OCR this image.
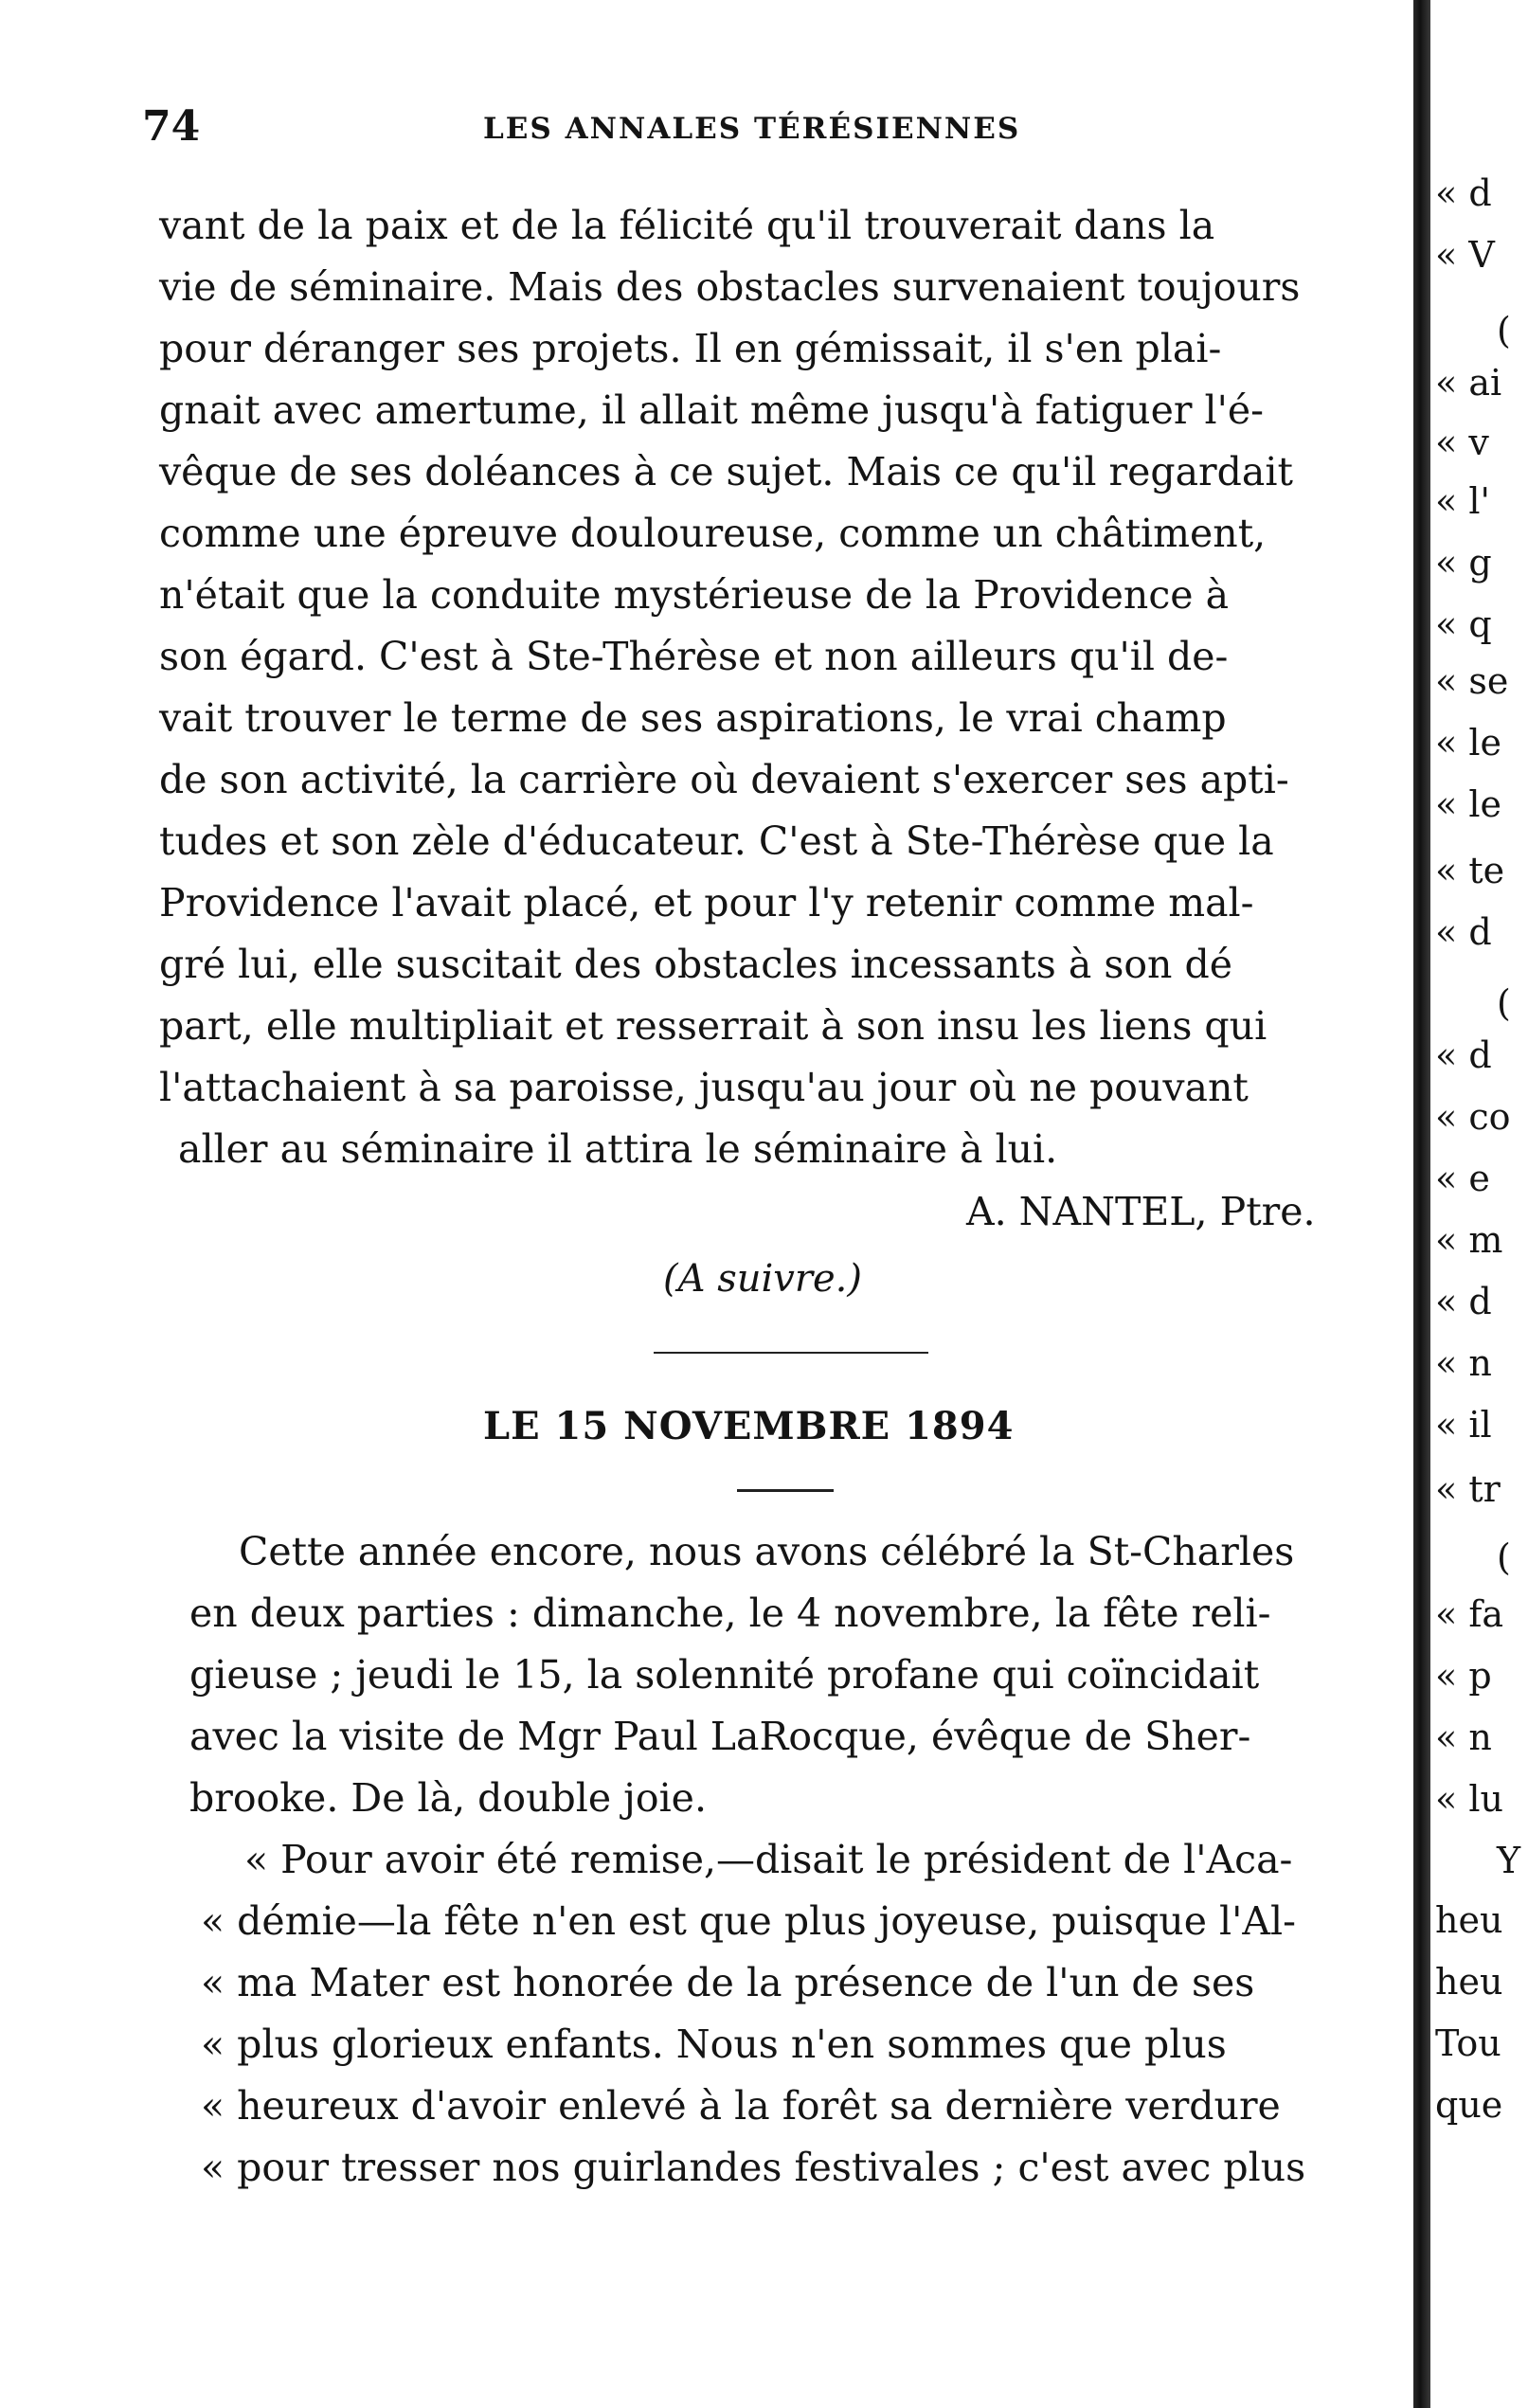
74	LES ANNALES TÉRÉSIENNES
vant de la paix et de la félicité qu'il trouverait dans la
vie de séminaire. Mais des obstacles survenaient toujours
pour déranger ses projets. Il en gémissait, il s'en plai-
gnait avec amertume, il allait même jusqu'à fatiguer l'é-
vêque de ses doléances à ce sujet. Mais ce qu'il regardait
comme une épreuve douloureuse, comme un châtiment,
n'était que la conduite mystérieuse de la Providence à
son égard. C'est à Ste-Thérèse et non ailleurs qu'il de-
vait trouver le terme de ses aspirations, le vrai champ
de son activité, la carrière où devaient s'exercer ses apti-
tudes et son zèle d'éducateur. C'est à Ste-Thérèse que la
Providence l'avait placé, et pour l'y retenir comme mal-
gré lui, elle suscitait des obstacles incessants à son dé
part, elle multipliait et resserrait à son insu les liens qui
l'attachaient à sa paroisse, jusqu'au jour où ne pouvant
aller au séminaire il attira le séminaire à lui.
A. NANTEL, Ptre.
(A suivre.)
LE 15 NOVEMBRE 1894
Cette année encore, nous avons célébré la St-Charles
en deux parties : dimanche, le 4 novembre, la fête reli-
gieuse ; jeudi le 15, la solennité profane qui coïncidait
avec la visite de Mgr Paul LaRocque, évêque de Sher-
brooke. De là, double joie.
« Pour avoir été remise,—disait le président de l'Aca-
« démie—la fête n'en est que plus joyeuse, puisque l'Al-
« ma Mater est honorée de la présence de l'un de ses
« plus glorieux enfants. Nous n'en sommes que plus
« heureux d'avoir enlevé à la forêt sa dernière verdure
« pour tresser nos guirlandes festivales ; c'est avec plus
« d
« V
(
« ai
« v
« l'
« g
« q
« se
« le
« le
« te
« d
(
« d
« co
« e
« m
« d
« n
« il
« tr
(
« fa
« p
« n
« lu
Y
heu
heu
Tou
que
